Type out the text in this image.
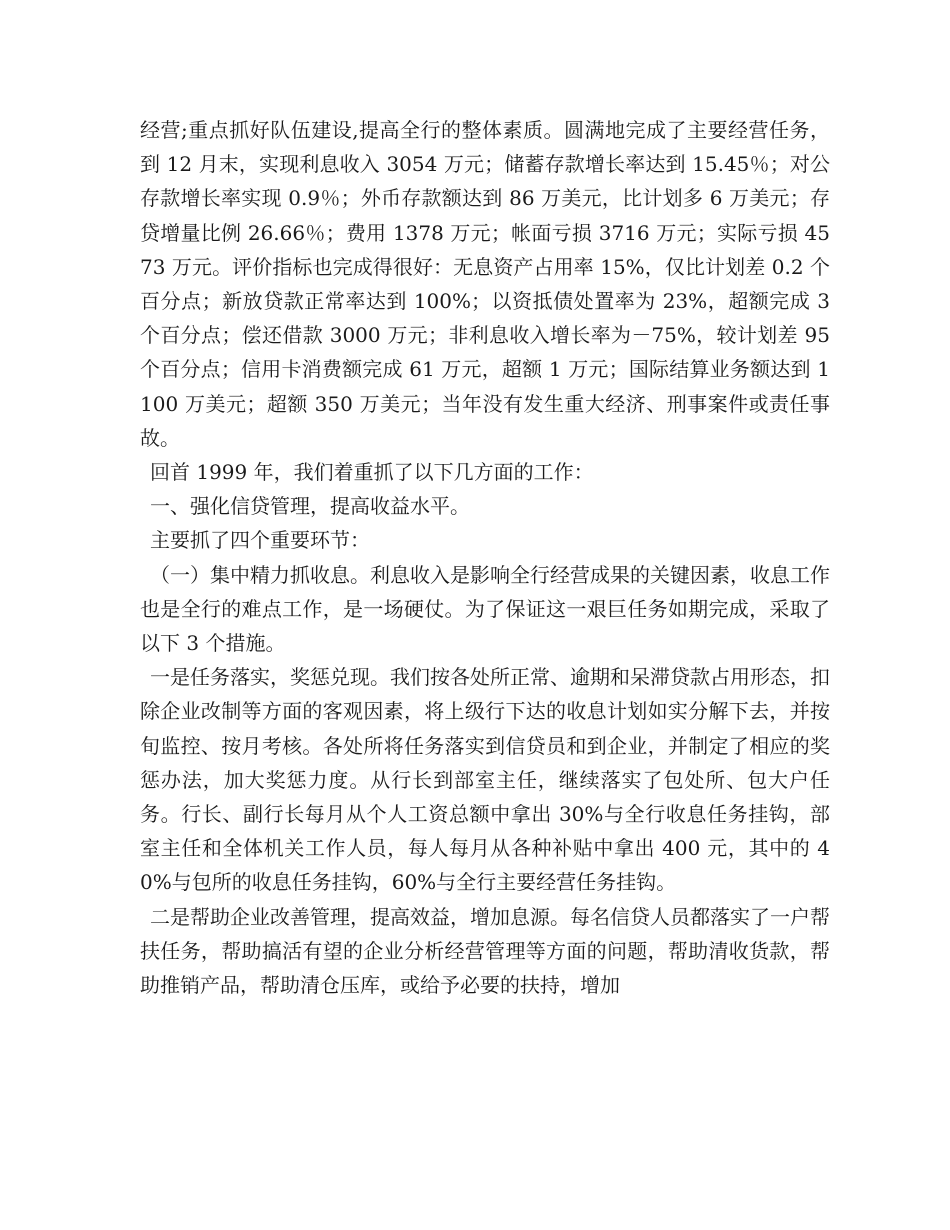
经营;重点抓好队伍建设,提高全行的整体素质。圆满地完成了主要经营任务，到 12 月末，实现利息收入 3054 万元；储蓄存款增长率达到 15.45％；对公存款增长率实现 0.9％；外币存款额达到 86 万美元，比计划多 6 万美元；存贷增量比例 26.66％；费用 1378 万元；帐面亏损 3716 万元；实际亏损 4573 万元。评价指标也完成得很好：无息资产占用率 15%，仅比计划差 0.2 个百分点；新放贷款正常率达到 100%；以资抵债处置率为 23%，超额完成 3 个百分点；偿还借款 3000 万元；非利息收入增长率为－75%，较计划差 95 个百分点；信用卡消费额完成 61 万元，超额 1 万元；国际结算业务额达到 1100 万美元；超额 350 万美元；当年没有发生重大经济、刑事案件或责任事故。

回首 1999 年，我们着重抓了以下几方面的工作：

一、强化信贷管理，提高收益水平。

主要抓了四个重要环节：

（一）集中精力抓收息。利息收入是影响全行经营成果的关键因素，收息工作也是全行的难点工作，是一场硬仗。为了保证这一艰巨任务如期完成，采取了以下 3 个措施。

一是任务落实，奖惩兑现。我们按各处所正常、逾期和呆滞贷款占用形态，扣除企业改制等方面的客观因素，将上级行下达的收息计划如实分解下去，并按旬监控、按月考核。各处所将任务落实到信贷员和到企业，并制定了相应的奖惩办法，加大奖惩力度。从行长到部室主任，继续落实了包处所、包大户任务。行长、副行长每月从个人工资总额中拿出 30%与全行收息任务挂钩，部室主任和全体机关工作人员，每人每月从各种补贴中拿出 400 元，其中的 40%与包所的收息任务挂钩，60%与全行主要经营任务挂钩。

二是帮助企业改善管理，提高效益，增加息源。每名信贷人员都落实了一户帮扶任务，帮助搞活有望的企业分析经营管理等方面的问题，帮助清收货款，帮助推销产品，帮助清仓压库，或给予必要的扶持，增加
